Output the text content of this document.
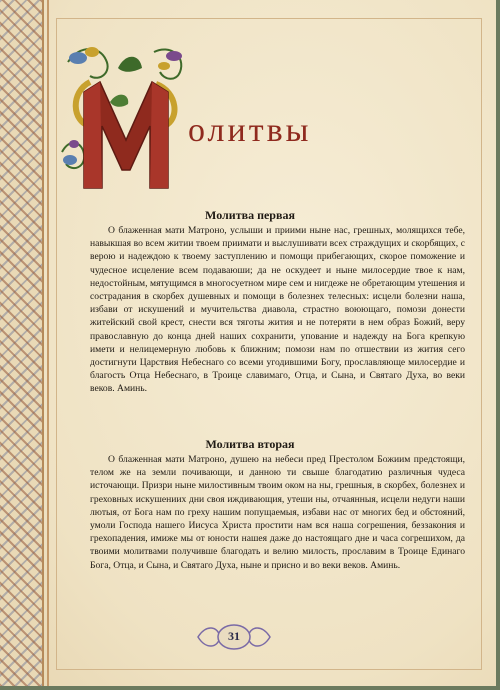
олитвы
Молитва первая

О блаженная мати Матроно, услыши и приими ныне нас, грешных, молящихся тебе, навыкшая во всем житии твоем приимати и выслушивати всех страждущих и скорбящих, с верою и надеждою к твоему заступлению и помощи прибегающих, скорое поможение и чудесное исцеление всем подаваюши; да не оскудеет и ныне милосердие твое к нам, недостойным, мятущимся в многосуетном мире сем и нигдеже не обретающим утешения и сострадания в скорбех душевных и помощи в болезнех телесных: исцели болезни наша, избави от искушений и мучительства диавола, страстно воюющаго, помози донести житейский свой крест, снести вся тяготы жития и не потеряти в нем образ Божий, веру православную до конца дней наших сохранити, упование и надежду на Бога крепкую имети и нелицемерную любовь к ближним; помози нам по отшествии из жития сего достигнути Царствия Небеснаго со всеми угодившими Богу, прославляюще милосердие и благость Отца Небеснаго, в Троице славимаго, Отца, и Сына, и Святаго Духа, во веки веков. Аминь.

Молитва вторая

О блаженная мати Матроно, душею на небеси пред Престолом Божиим предстоящи, телом же на земли почивающи, и данною ти свыше благодатию различныя чудеса источающи. Призри ныне милостивным твоим оком на ны, грешныя, в скорбех, болезнех и греховных искушениих дни своя иждивающия, утеши ны, отчаянныя, исцели недуги наши лютыя, от Бога нам по греху нашим попущаемыя, избави нас от многих бед и обстояний, умоли Господа нашего Иисуса Христа простити нам вся наша согрешения, беззакония и грехопадения, имиже мы от юности нашея даже до настоящаго дне и часа согрешихом, да твоими молитвами получивше благодать и велию милость, прославим в Троице Единаго Бога, Отца, и Сына, и Святаго Духа, ныне и присно и во веки веков. Аминь.

31
